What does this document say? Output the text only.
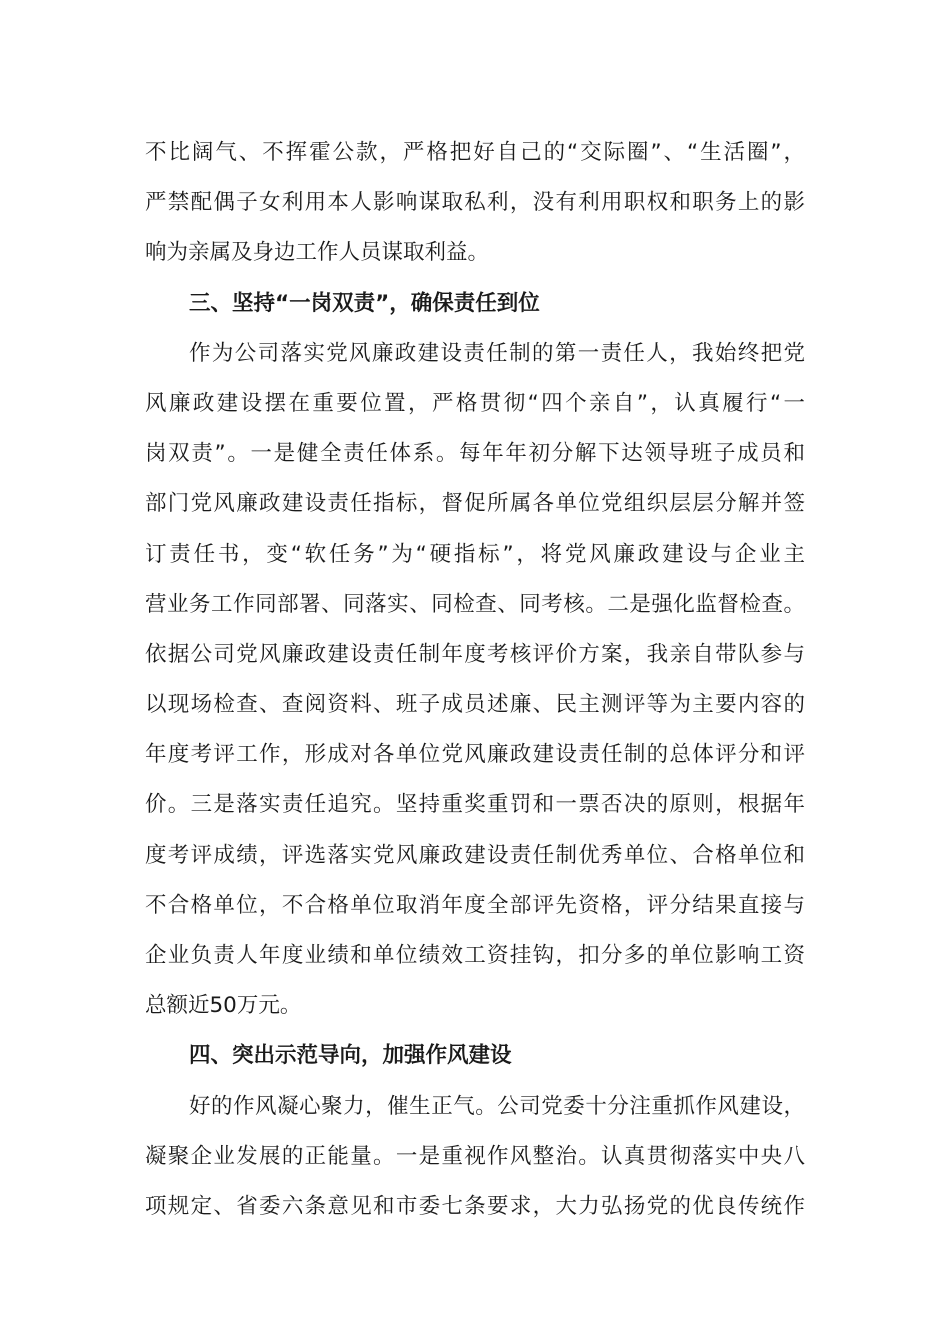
不比阔气、不挥霍公款，严格把好自己的“交际圈”、“生活圈”，
严禁配偶子女利用本人影响谋取私利，没有利用职权和职务上的影
响为亲属及身边工作人员谋取利益。
三、坚持“一岗双责”，确保责任到位
作为公司落实党风廉政建设责任制的第一责任人，我始终把党
风廉政建设摆在重要位置，严格贯彻“四个亲自”，认真履行“一
岗双责”。一是健全责任体系。每年年初分解下达领导班子成员和
部门党风廉政建设责任指标，督促所属各单位党组织层层分解并签
订责任书，变“软任务”为“硬指标”，将党风廉政建设与企业主
营业务工作同部署、同落实、同检查、同考核。二是强化监督检查。
依据公司党风廉政建设责任制年度考核评价方案，我亲自带队参与
以现场检查、查阅资料、班子成员述廉、民主测评等为主要内容的
年度考评工作，形成对各单位党风廉政建设责任制的总体评分和评
价。三是落实责任追究。坚持重奖重罚和一票否决的原则，根据年
度考评成绩，评选落实党风廉政建设责任制优秀单位、合格单位和
不合格单位，不合格单位取消年度全部评先资格，评分结果直接与
企业负责人年度业绩和单位绩效工资挂钩，扣分多的单位影响工资
总额近50万元。
四、突出示范导向，加强作风建设
好的作风凝心聚力，催生正气。公司党委十分注重抓作风建设，
凝聚企业发展的正能量。一是重视作风整治。认真贯彻落实中央八
项规定、省委六条意见和市委七条要求，大力弘扬党的优良传统作
